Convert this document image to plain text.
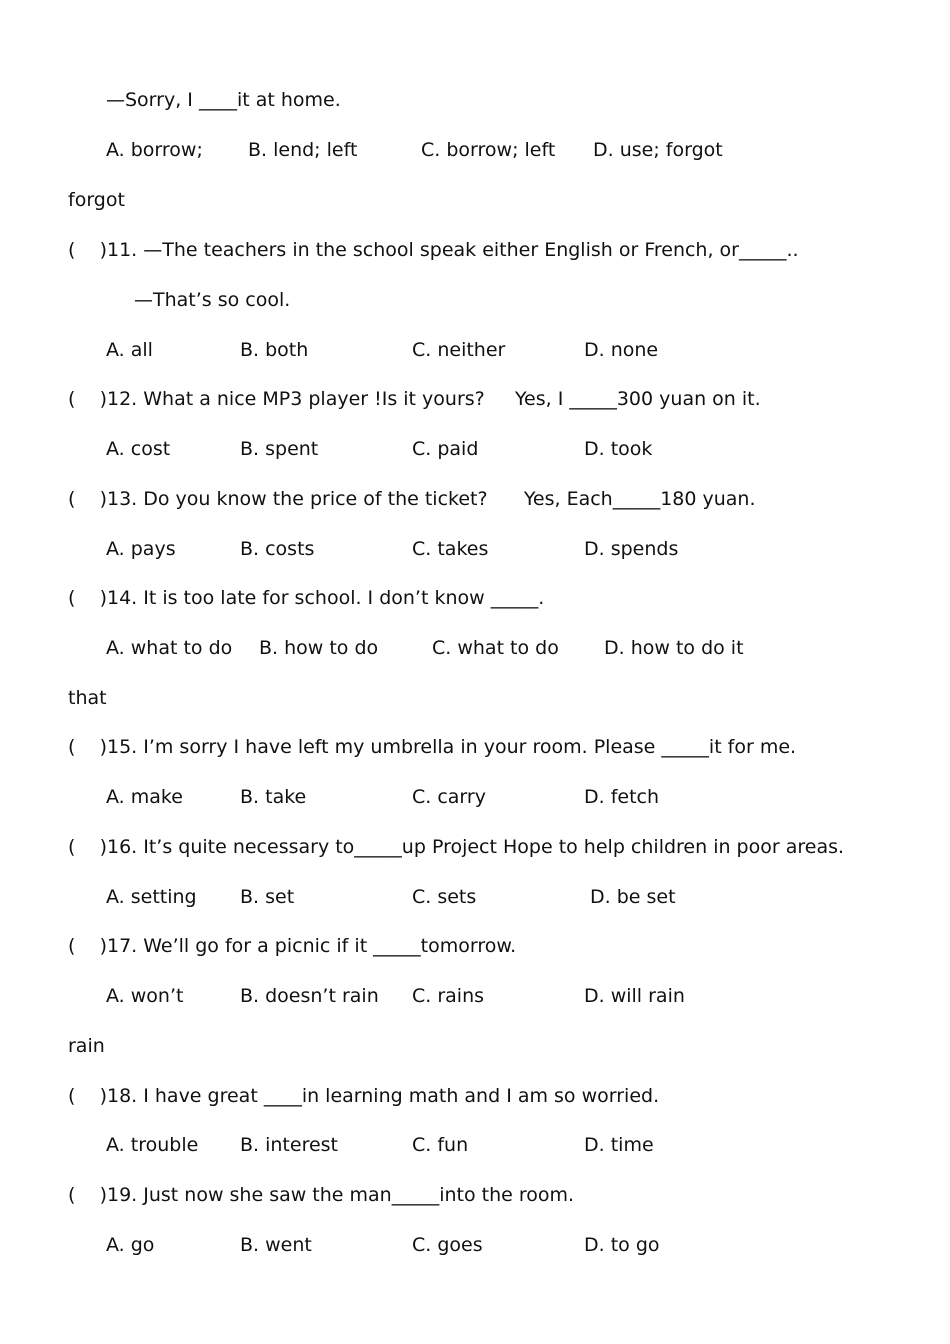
—Sorry, I ____it at home.
A. borrow; B. lend; left	C. borrow; left D. use; forgot
forgot
(    )11. —The teachers in the school speak either English or French, or_____..
—That’s so cool.
A. all	B. both	C. neither	D. none
(    )12. What a nice MP3 player !Is it yours?     Yes, I _____300 yuan on it.
A. cost	B. spent	C. paid	D. took
(    )13. Do you know the price of the ticket?      Yes, Each_____180 yuan.
A. pays	B. costs	C. takes	D. spends
(    )14. It is too late for school. I don’t know _____.
A. what to do B. how to do	C. what to do D. how to do it
that
(    )15. I’m sorry I have left my umbrella in your room. Please _____it for me.
A. make	B. take	C. carry	D. fetch
(    )16. It’s quite necessary to_____up Project Hope to help children in poor areas.
A. setting B. set	C. sets	D. be set
(    )17. We’ll go for a picnic if it _____tomorrow.
A. won’t	B. doesn’t rain C. rains	D. will rain
rain
(    )18. I have great ____in learning math and I am so worried.
A. trouble B. interest	C. fun	D. time
(    )19. Just now she saw the man_____into the room.
A. go	B. went	C. goes	D. to go
